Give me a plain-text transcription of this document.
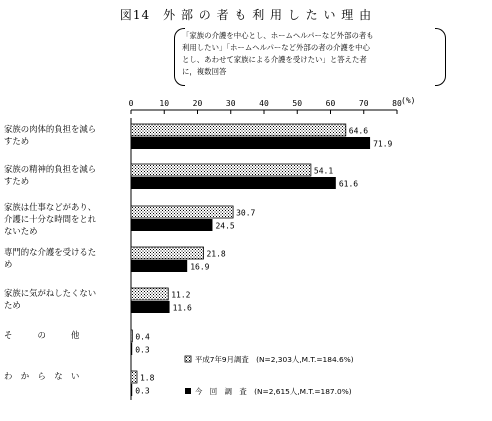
図14　外 部 の 者 も 利 用 し た い 理 由
「家族の介護を中心とし、ホームヘルパーなど外部の者も
利用したい」「ホームヘルパーなど外部の者の介護を中心
とし、あわせて家族による介護を受けたい」と答えた者
に，複数回答
0	10	20	30	40	50	60	70	80 (%)
64.6
71.9
家族の肉体的負担を減ら
すため
54.1
61.6
家族の精神的負担を減ら
すため
30.7
24.5
家族は仕事などがあり、
介護に十分な時間をとれ
ないため
21.8
16.9
専門的な介護を受けるた
め
11.2
11.6
家族に気がねしたくない
ため
0.4
0.3
そ　　　の　　　他
1.8
0.3
わ　か　ら　な　い
平成7年9月調査　(N=2,303人,M.T.=184.6%)
今　回　調　査　(N=2,615人,M.T.=187.0%)
